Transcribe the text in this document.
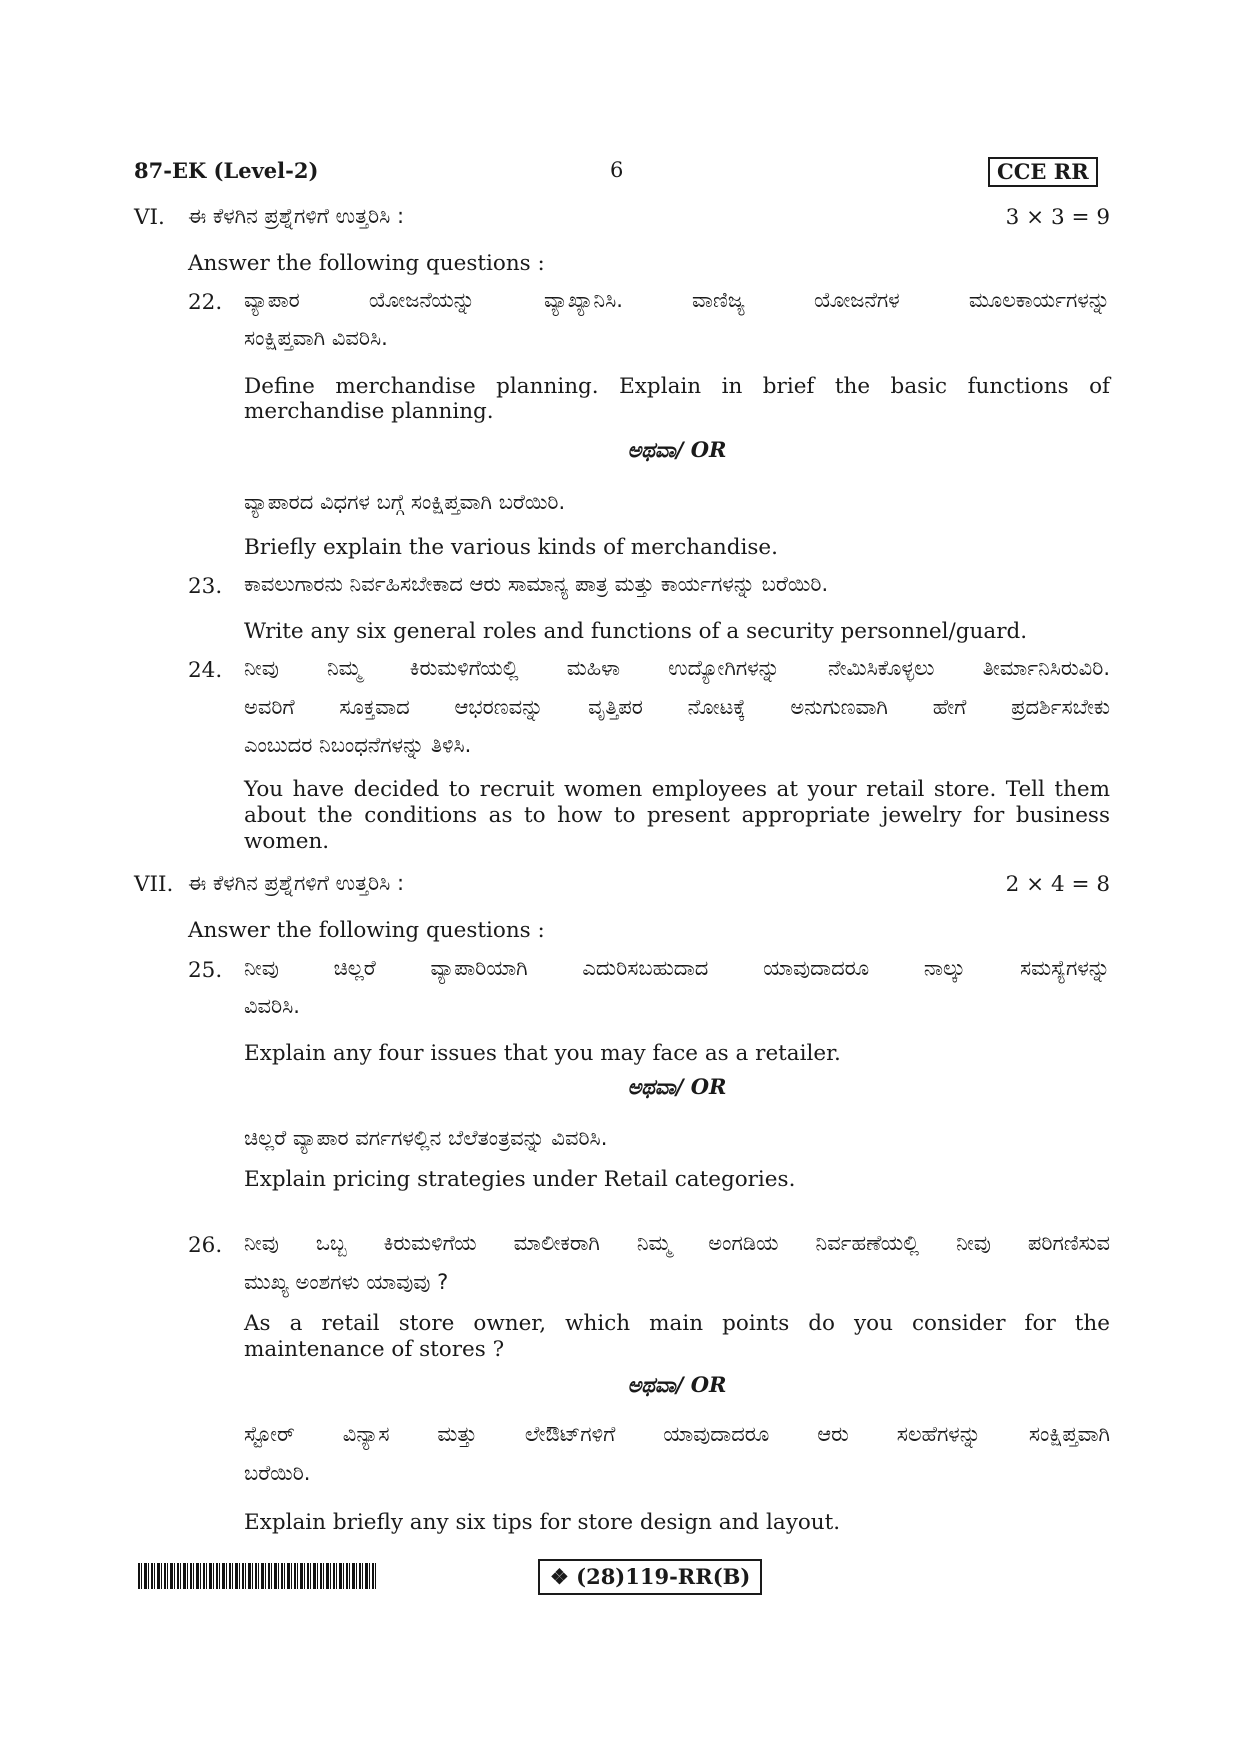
87-EK (Level-2)	6	CCE RR
VI. ಈ ಕೆಳಗಿನ ಪ್ರಶ್ನೆಗಳಿಗೆ ಉತ್ತರಿಸಿ :	3 × 3 = 9
Answer the following questions :
22. ವ್ಯಾಪಾರ ಯೋಜನೆಯನ್ನು ವ್ಯಾಖ್ಯಾನಿಸಿ. ವಾಣಿಜ್ಯ ಯೋಜನೆಗಳ ಮೂಲಕಾರ್ಯಗಳನ್ನು
ಸಂಕ್ಷಿಪ್ತವಾಗಿ ವಿವರಿಸಿ.
Define merchandise planning. Explain in brief the basic functions of
merchandise planning.
ಅಥವಾ/ OR
ವ್ಯಾಪಾರದ ವಿಧಗಳ ಬಗ್ಗೆ ಸಂಕ್ಷಿಪ್ತವಾಗಿ ಬರೆಯಿರಿ.
Briefly explain the various kinds of merchandise.
23. ಕಾವಲುಗಾರನು ನಿರ್ವಹಿಸಬೇಕಾದ ಆರು ಸಾಮಾನ್ಯ ಪಾತ್ರ ಮತ್ತು ಕಾರ್ಯಗಳನ್ನು ಬರೆಯಿರಿ.
Write any six general roles and functions of a security personnel/guard.
24. ನೀವು ನಿಮ್ಮ ಕಿರುಮಳಿಗೆಯಲ್ಲಿ ಮಹಿಳಾ ಉದ್ಯೋಗಿಗಳನ್ನು ನೇಮಿಸಿಕೊಳ್ಳಲು ತೀರ್ಮಾನಿಸಿರುವಿರಿ.
ಅವರಿಗೆ ಸೂಕ್ತವಾದ ಆಭರಣವನ್ನು ವೃತ್ತಿಪರ ನೋಟಕ್ಕೆ ಅನುಗುಣವಾಗಿ ಹೇಗೆ ಪ್ರದರ್ಶಿಸಬೇಕು
ಎಂಬುದರ ನಿಬಂಧನೆಗಳನ್ನು ತಿಳಿಸಿ.
You have decided to recruit women employees at your retail store. Tell them
about the conditions as to how to present appropriate jewelry for business
women.
VII. ಈ ಕೆಳಗಿನ ಪ್ರಶ್ನೆಗಳಿಗೆ ಉತ್ತರಿಸಿ :	2 × 4 = 8
Answer the following questions :
25. ನೀವು ಚಿಲ್ಲರೆ ವ್ಯಾಪಾರಿಯಾಗಿ ಎದುರಿಸಬಹುದಾದ ಯಾವುದಾದರೂ ನಾಲ್ಕು ಸಮಸ್ಯೆಗಳನ್ನು
ವಿವರಿಸಿ.
Explain any four issues that you may face as a retailer.
ಅಥವಾ/ OR
ಚಿಲ್ಲರೆ ವ್ಯಾಪಾರ ವರ್ಗಗಳಲ್ಲಿನ ಬೆಲೆತಂತ್ರವನ್ನು ವಿವರಿಸಿ.
Explain pricing strategies under Retail categories.
26. ನೀವು ಒಬ್ಬ ಕಿರುಮಳಿಗೆಯ ಮಾಲೀಕರಾಗಿ ನಿಮ್ಮ ಅಂಗಡಿಯ ನಿರ್ವಹಣೆಯಲ್ಲಿ ನೀವು ಪರಿಗಣಿಸುವ
ಮುಖ್ಯ ಅಂಶಗಳು ಯಾವುವು ?
As a retail store owner, which main points do you consider for the
maintenance of stores ?
ಅಥವಾ/ OR
ಸ್ಟೋರ್ ವಿನ್ಯಾಸ ಮತ್ತು ಲೇಔಟ್‌ಗಳಿಗೆ ಯಾವುದಾದರೂ ಆರು ಸಲಹೆಗಳನ್ನು ಸಂಕ್ಷಿಪ್ತವಾಗಿ
ಬರೆಯಿರಿ.
Explain briefly any six tips for store design and layout.
❖ (28)119-RR(B)
